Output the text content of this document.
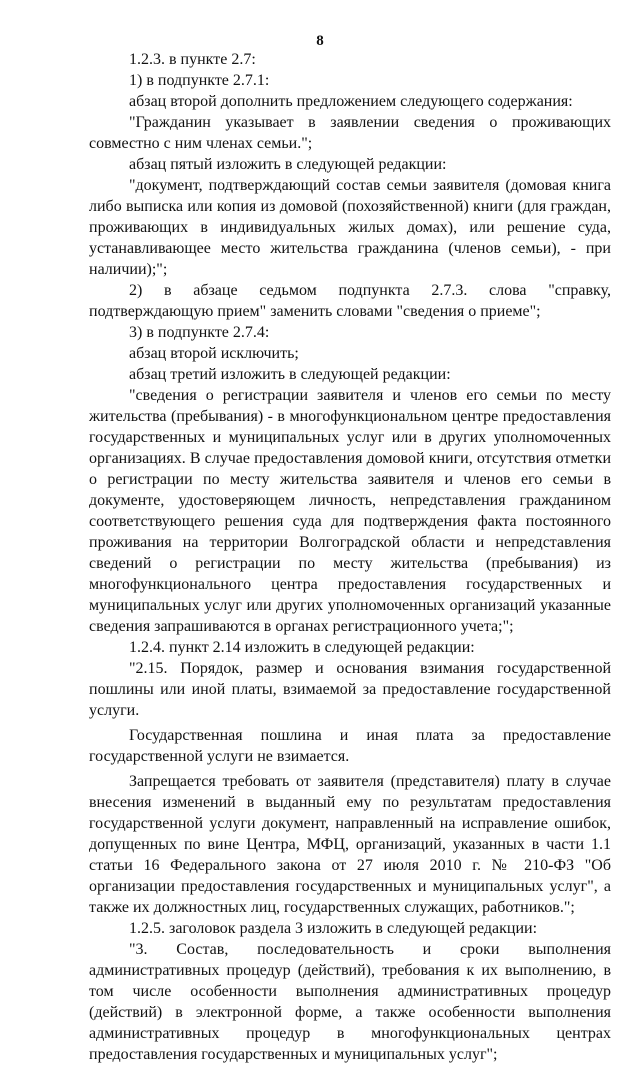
8

1.2.3. в пункте 2.7:

1) в подпункте 2.7.1:

абзац второй дополнить предложением следующего содержания:

"Гражданин указывает в заявлении сведения о проживающих совместно с ним членах семьи.";

абзац пятый изложить в следующей редакции:

"документ, подтверждающий состав семьи заявителя (домовая книга либо выписка или копия из домовой (похозяйственной) книги (для граждан, проживающих в индивидуальных жилых домах), или решение суда, устанавливающее место жительства гражданина (членов семьи), - при наличии);";

2) в абзаце седьмом подпункта 2.7.3. слова "справку, подтверждающую прием" заменить словами "сведения о приеме";

3) в подпункте 2.7.4:

абзац второй исключить;

абзац третий изложить в следующей редакции:

"сведения о регистрации заявителя и членов его семьи по месту жительства (пребывания) - в многофункциональном центре предоставления государственных и муниципальных услуг или в других уполномоченных организациях. В случае предоставления домовой книги, отсутствия отметки о регистрации по месту жительства заявителя и членов его семьи в документе, удостоверяющем личность, непредставления гражданином соответствующего решения суда для подтверждения факта постоянного проживания на территории Волгоградской области и непредставления сведений о регистрации по месту жительства (пребывания) из многофункционального центра предоставления государственных и муниципальных услуг или других уполномоченных организаций указанные сведения запрашиваются в органах регистрационного учета;";

1.2.4. пункт 2.14 изложить в следующей редакции:

"2.15. Порядок, размер и основания взимания государственной пошлины или иной платы, взимаемой за предоставление государственной услуги.

Государственная пошлина и иная плата за предоставление государственной услуги не взимается.

Запрещается требовать от заявителя (представителя) плату в случае внесения изменений в выданный ему по результатам предоставления государственной услуги документ, направленный на исправление ошибок, допущенных по вине Центра, МФЦ, организаций, указанных в части 1.1 статьи 16 Федерального закона от 27 июля 2010 г. № 210-ФЗ "Об организации предоставления государственных и муниципальных услуг", а также их должностных лиц, государственных служащих, работников.";

1.2.5. заголовок раздела 3 изложить в следующей редакции:

"3. Состав, последовательность и сроки выполнения административных процедур (действий), требования к их выполнению, в том числе особенности выполнения административных процедур (действий) в электронной форме, а также особенности выполнения административных процедур в многофункциональных центрах предоставления государственных и муниципальных услуг";
